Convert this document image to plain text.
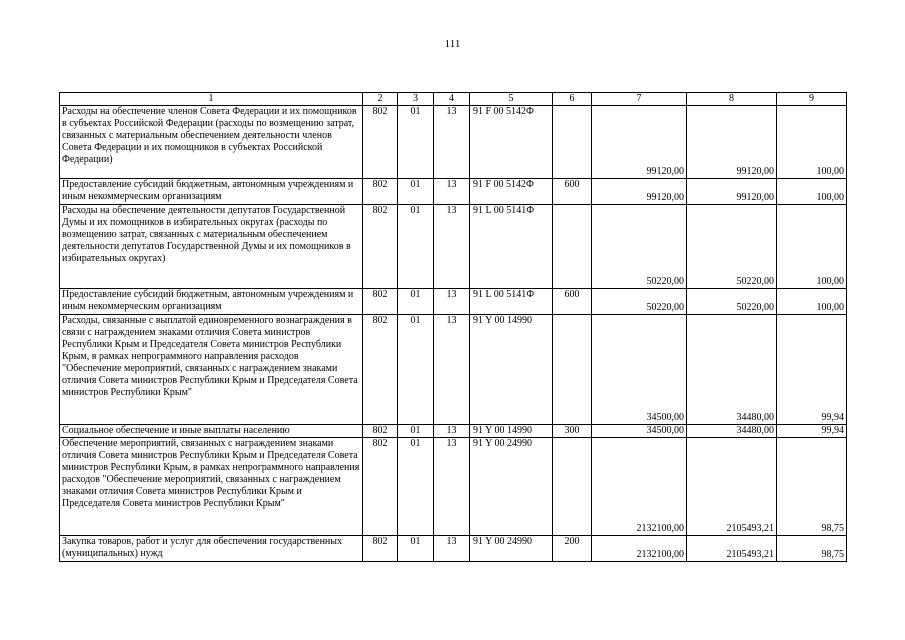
111
1	2	3	4	5	6	7	8	9
Расходы на обеспечение членов Совета Федерации и их помощников в субъектах Российской Федерации (расходы по возмещению затрат, связанных с материальным обеспечением деятельности членов Совета Федерации и их помощников в субъектах Российской Федерации)	802	01	13	91 F 00 5142Ф		99120,00	99120,00	100,00
Предоставление субсидий бюджетным, автономным учреждениям и иным некоммерческим организациям	802	01	13	91 F 00 5142Ф	600	99120,00	99120,00	100,00
Расходы на обеспечение деятельности депутатов Государственной Думы и их помощников в избирательных округах (расходы по возмещению затрат, связанных с материальным обеспечением деятельности депутатов Государственной Думы и их помощников в избирательных округах)	802	01	13	91 L 00 5141Ф		50220,00	50220,00	100,00
Предоставление субсидий бюджетным, автономным учреждениям и иным некоммерческим организациям	802	01	13	91 L 00 5141Ф	600	50220,00	50220,00	100,00
Расходы, связанные с выплатой единовременного вознаграждения в связи с награждением знаками отличия Совета министров Республики Крым и Председателя Совета министров Республики Крым, в рамках непрограммного направления расходов "Обеспечение мероприятий, связанных с награждением знаками отличия Совета министров Республики Крым и Председателя Совета министров Республики Крым"	802	01	13	91 Y 00 14990		34500,00	34480,00	99,94
Социальное обеспечение и иные выплаты населению	802	01	13	91 Y 00 14990	300	34500,00	34480,00	99,94
Обеспечение мероприятий, связанных с награждением знаками отличия Совета министров Республики Крым и Председателя Совета министров Республики Крым, в рамках непрограммного направления расходов "Обеспечение мероприятий, связанных с награждением знаками отличия Совета министров Республики Крым и Председателя Совета министров Республики Крым"	802	01	13	91 Y 00 24990		2132100,00	2105493,21	98,75
Закупка товаров, работ и услуг для обеспечения государственных (муниципальных) нужд	802	01	13	91 Y 00 24990	200	2132100,00	2105493,21	98,75
